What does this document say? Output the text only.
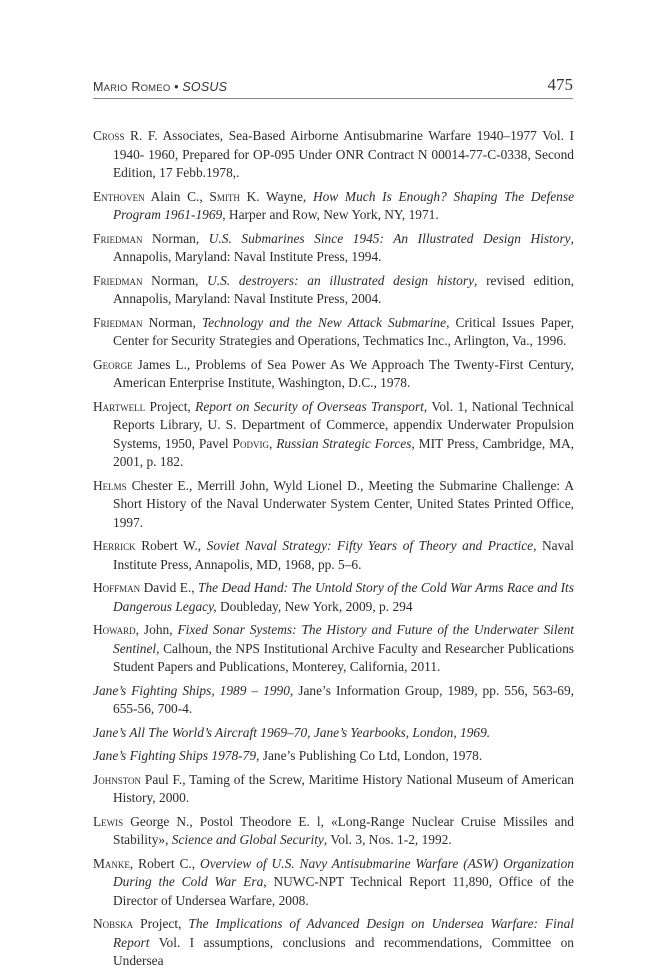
MARIO ROMEO • SOSUS	475

Cross R. F. Associates, Sea-Based Airborne Antisubmarine Warfare 1940–1977 Vol. I 1940- 1960, Prepared for OP-095 Under ONR Contract N 00014-77-C-0338, Second Edition, 17 Febb.1978,.

Enthoven Alain C., Smith K. Wayne, How Much Is Enough? Shaping The Defense Program 1961-1969, Harper and Row, New York, NY, 1971.

Friedman Norman, U.S. Submarines Since 1945: An Illustrated Design History, Annapolis, Maryland: Naval Institute Press, 1994.

Friedman Norman, U.S. destroyers: an illustrated design history, revised edition, Annapolis, Maryland: Naval Institute Press, 2004.

Friedman Norman, Technology and the New Attack Submarine, Critical Issues Paper, Center for Security Strategies and Operations, Techmatics Inc., Arlington, Va., 1996.

George James L., Problems of Sea Power As We Approach The Twenty-First Century, American Enterprise Institute, Washington, D.C., 1978.

Hartwell Project, Report on Security of Overseas Transport, Vol. 1, National Technical Reports Library, U. S. Department of Commerce, appendix Underwater Propulsion Systems, 1950, Pavel Podvig, Russian Strategic Forces, MIT Press, Cambridge, MA, 2001, p. 182.

Helms Chester E., Merrill John, Wyld Lionel D., Meeting the Submarine Challenge: A Short History of the Naval Underwater System Center, United States Printed Office, 1997.

Herrick Robert W., Soviet Naval Strategy: Fifty Years of Theory and Practice, Naval Institute Press, Annapolis, MD, 1968, pp. 5–6.

Hoffman David E., The Dead Hand: The Untold Story of the Cold War Arms Race and Its Dangerous Legacy, Doubleday, New York, 2009, p. 294

Howard, John, Fixed Sonar Systems: The History and Future of the Underwater Silent Sentinel, Calhoun, the NPS Institutional Archive Faculty and Researcher Publications Student Papers and Publications, Monterey, California, 2011.

Jane’s Fighting Ships, 1989 – 1990, Jane’s Information Group, 1989, pp. 556, 563-69, 655-56, 700-4.

Jane’s All The World’s Aircraft 1969–70, Jane’s Yearbooks, London, 1969.

Jane’s Fighting Ships 1978-79, Jane’s Publishing Co Ltd, London, 1978.

Johnston Paul F., Taming of the Screw, Maritime History National Museum of American History, 2000.

Lewis George N., Postol Theodore E. l, «Long-Range Nuclear Cruise Missiles and Stability», Science and Global Security, Vol. 3, Nos. 1-2, 1992.

Manke, Robert C., Overview of U.S. Navy Antisubmarine Warfare (ASW) Organization During the Cold War Era, NUWC-NPT Technical Report 11,890, Office of the Director of Undersea Warfare, 2008.

Nobska Project, The Implications of Advanced Design on Undersea Warfare: Final Report Vol. I assumptions, conclusions and recommendations, Committee on Undersea
